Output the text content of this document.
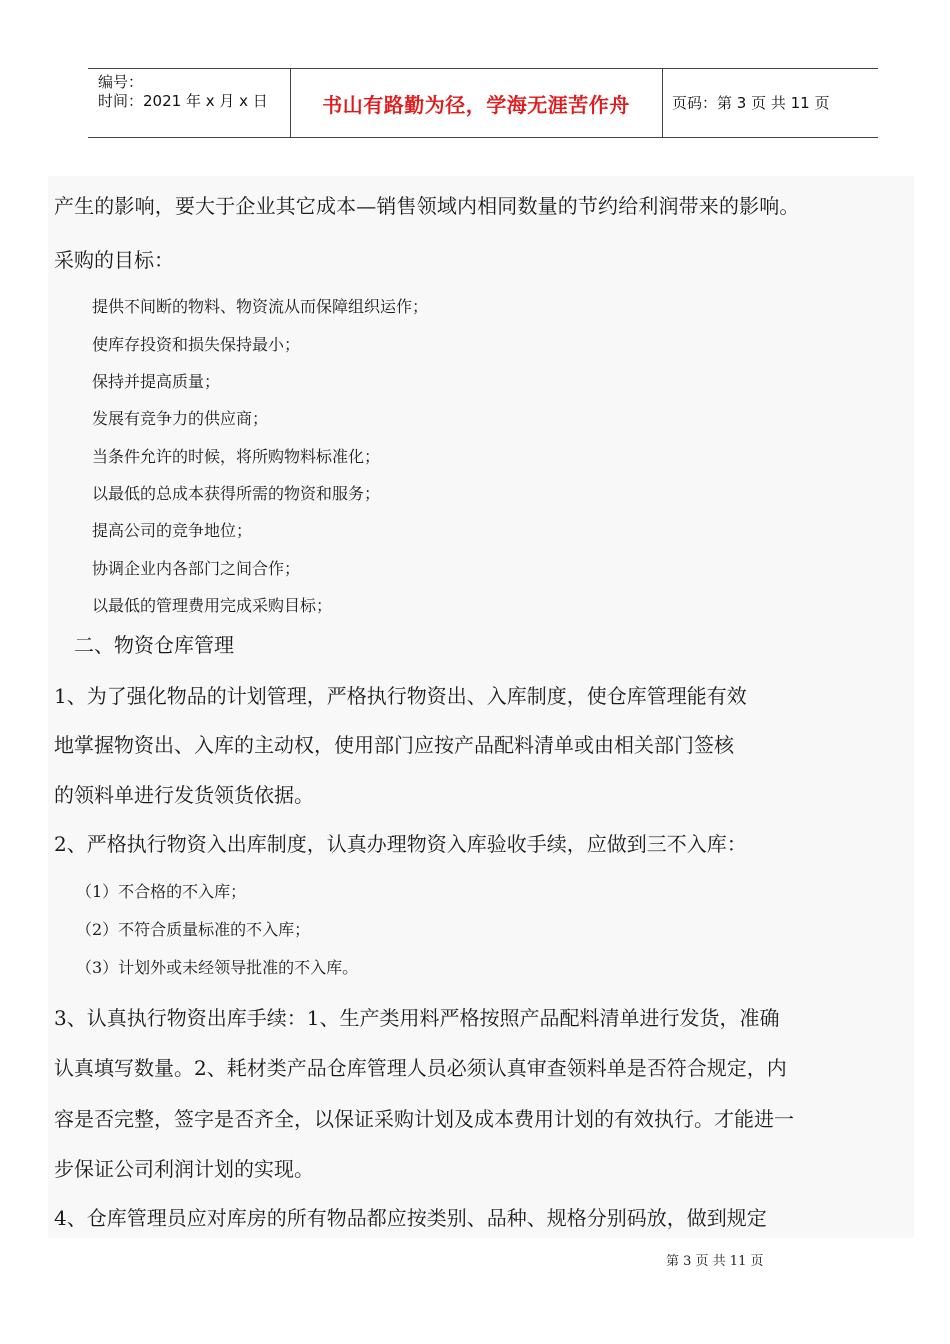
编号：
时间：2021 年 x 月 x 日	书山有路勤为径，学海无涯苦作舟	页码：第 3 页 共 11 页
产生的影响，要大于企业其它成本—销售领域内相同数量的节约给利润带来的影响。
采购的目标：
提供不间断的物料、物资流从而保障组织运作；
使库存投资和损失保持最小；
保持并提高质量；
发展有竞争力的供应商；
当条件允许的时候，将所购物料标准化；
以最低的总成本获得所需的物资和服务；
提高公司的竞争地位；
协调企业内各部门之间合作；
以最低的管理费用完成采购目标；
二、物资仓库管理
1、为了强化物品的计划管理，严格执行物资出、入库制度，使仓库管理能有效
地掌握物资出、入库的主动权，使用部门应按产品配料清单或由相关部门签核
的领料单进行发货领货依据。
2、严格执行物资入出库制度，认真办理物资入库验收手续，应做到三不入库：
（1）不合格的不入库；
（2）不符合质量标准的不入库；
（3）计划外或未经领导批准的不入库。
3、认真执行物资出库手续：1、生产类用料严格按照产品配料清单进行发货，准确
认真填写数量。2、耗材类产品仓库管理人员必须认真审查领料单是否符合规定，内
容是否完整，签字是否齐全，以保证采购计划及成本费用计划的有效执行。才能进一
步保证公司利润计划的实现。
4、仓库管理员应对库房的所有物品都应按类别、品种、规格分别码放，做到规定
第 3 页 共 11 页
